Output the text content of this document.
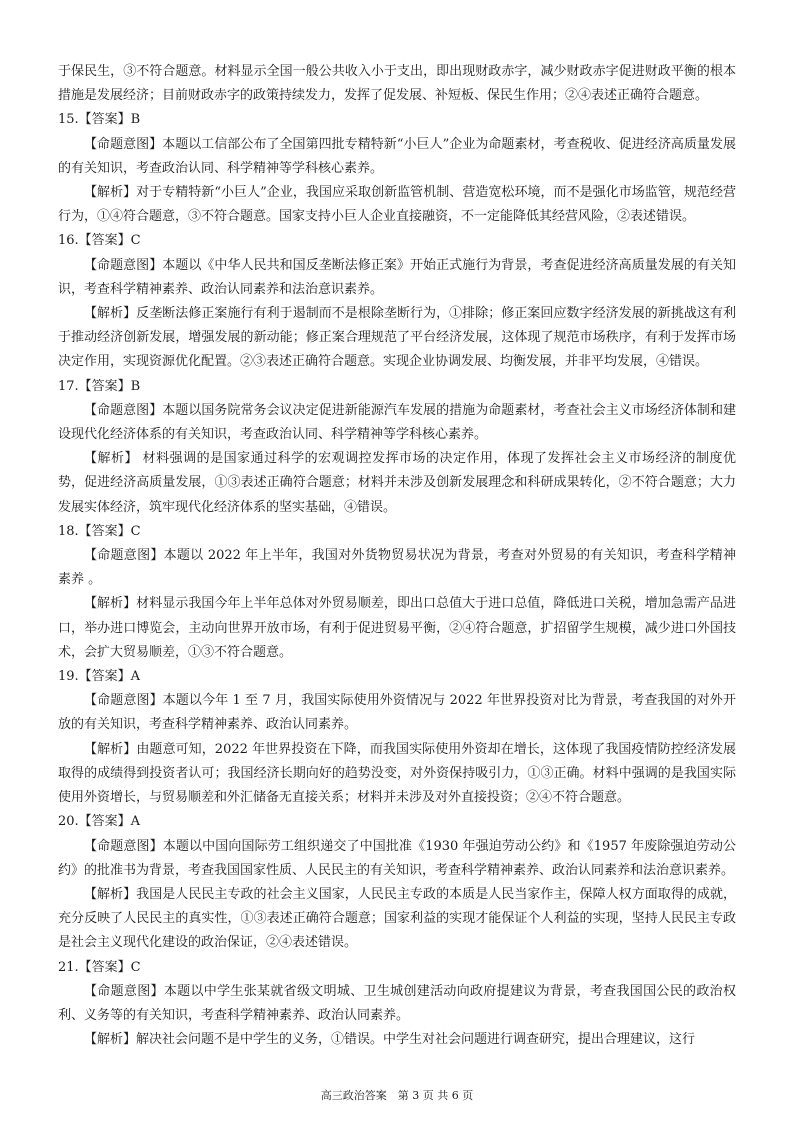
于保民生，③不符合题意。材料显示全国一般公共收入小于支出，即出现财政赤字，减少财政赤字促进财政平衡的根本措施是发展经济；目前财政赤字的政策持续发力，发挥了促发展、补短板、保民生作用；②④表述正确符合题意。

15.【答案】B

【命题意图】本题以工信部公布了全国第四批专精特新“小巨人”企业为命题素材，考查税收、促进经济高质量发展的有关知识，考查政治认同、科学精神等学科核心素养。

【解析】对于专精特新“小巨人”企业，我国应采取创新监管机制、营造宽松环境，而不是强化市场监管，规范经营行为，①④符合题意，③不符合题意。国家支持小巨人企业直接融资，不一定能降低其经营风险，②表述错误。

16.【答案】C

【命题意图】本题以《中华人民共和国反垄断法修正案》开始正式施行为背景，考查促进经济高质量发展的有关知识，考查科学精神素养、政治认同素养和法治意识素养。

【解析】反垄断法修正案施行有利于遏制而不是根除垄断行为，①排除；修正案回应数字经济发展的新挑战这有利于推动经济创新发展，增强发展的新动能；修正案合理规范了平台经济发展，这体现了规范市场秩序，有利于发挥市场决定作用，实现资源优化配置。②③表述正确符合题意。实现企业协调发展、均衡发展，并非平均发展，④错误。

17.【答案】B

【命题意图】本题以国务院常务会议决定促进新能源汽车发展的措施为命题素材，考查社会主义市场经济体制和建设现代化经济体系的有关知识，考查政治认同、科学精神等学科核心素养。

【解析】 材料强调的是国家通过科学的宏观调控发挥市场的决定作用，体现了发挥社会主义市场经济的制度优势，促进经济高质量发展，①③表述正确符合题意；材料并未涉及创新发展理念和科研成果转化，②不符合题意；大力发展实体经济，筑牢现代化经济体系的坚实基础，④错误。

18.【答案】C

【命题意图】本题以 2022 年上半年，我国对外货物贸易状况为背景，考查对外贸易的有关知识，考查科学精神素养 。

【解析】材料显示我国今年上半年总体对外贸易顺差，即出口总值大于进口总值，降低进口关税，增加急需产品进口，举办进口博览会，主动向世界开放市场，有利于促进贸易平衡，②④符合题意，扩招留学生规模，减少进口外国技术，会扩大贸易顺差，①③不符合题意。

19.【答案】A

【命题意图】本题以今年 1 至 7 月，我国实际使用外资情况与 2022 年世界投资对比为背景，考查我国的对外开放的有关知识，考查科学精神素养、政治认同素养。

【解析】由题意可知，2022 年世界投资在下降，而我国实际使用外资却在增长，这体现了我国疫情防控经济发展取得的成绩得到投资者认可；我国经济长期向好的趋势没变，对外资保持吸引力，①③正确。材料中强调的是我国实际使用外资增长，与贸易顺差和外汇储备无直接关系；材料并未涉及对外直接投资；②④不符合题意。

20.【答案】A

【命题意图】本题以中国向国际劳工组织递交了中国批准《1930 年强迫劳动公约》和《1957 年废除强迫劳动公约》的批准书为背景，考查我国国家性质、人民民主的有关知识，考查科学精神素养、政治认同素养和法治意识素养。

【解析】我国是人民民主专政的社会主义国家，人民民主专政的本质是人民当家作主，保障人权方面取得的成就，充分反映了人民民主的真实性，①③表述正确符合题意；国家利益的实现才能保证个人利益的实现，坚持人民民主专政是社会主义现代化建设的政治保证，②④表述错误。

21.【答案】C

【命题意图】本题以中学生张某就省级文明城、卫生城创建活动向政府提建议为背景，考查我国国公民的政治权利、义务等的有关知识，考查科学精神素养、政治认同素养。

【解析】解决社会问题不是中学生的义务，①错误。中学生对社会问题进行调查研究，提出合理建议，这行

高三政治答案　第 3 页 共 6 页
